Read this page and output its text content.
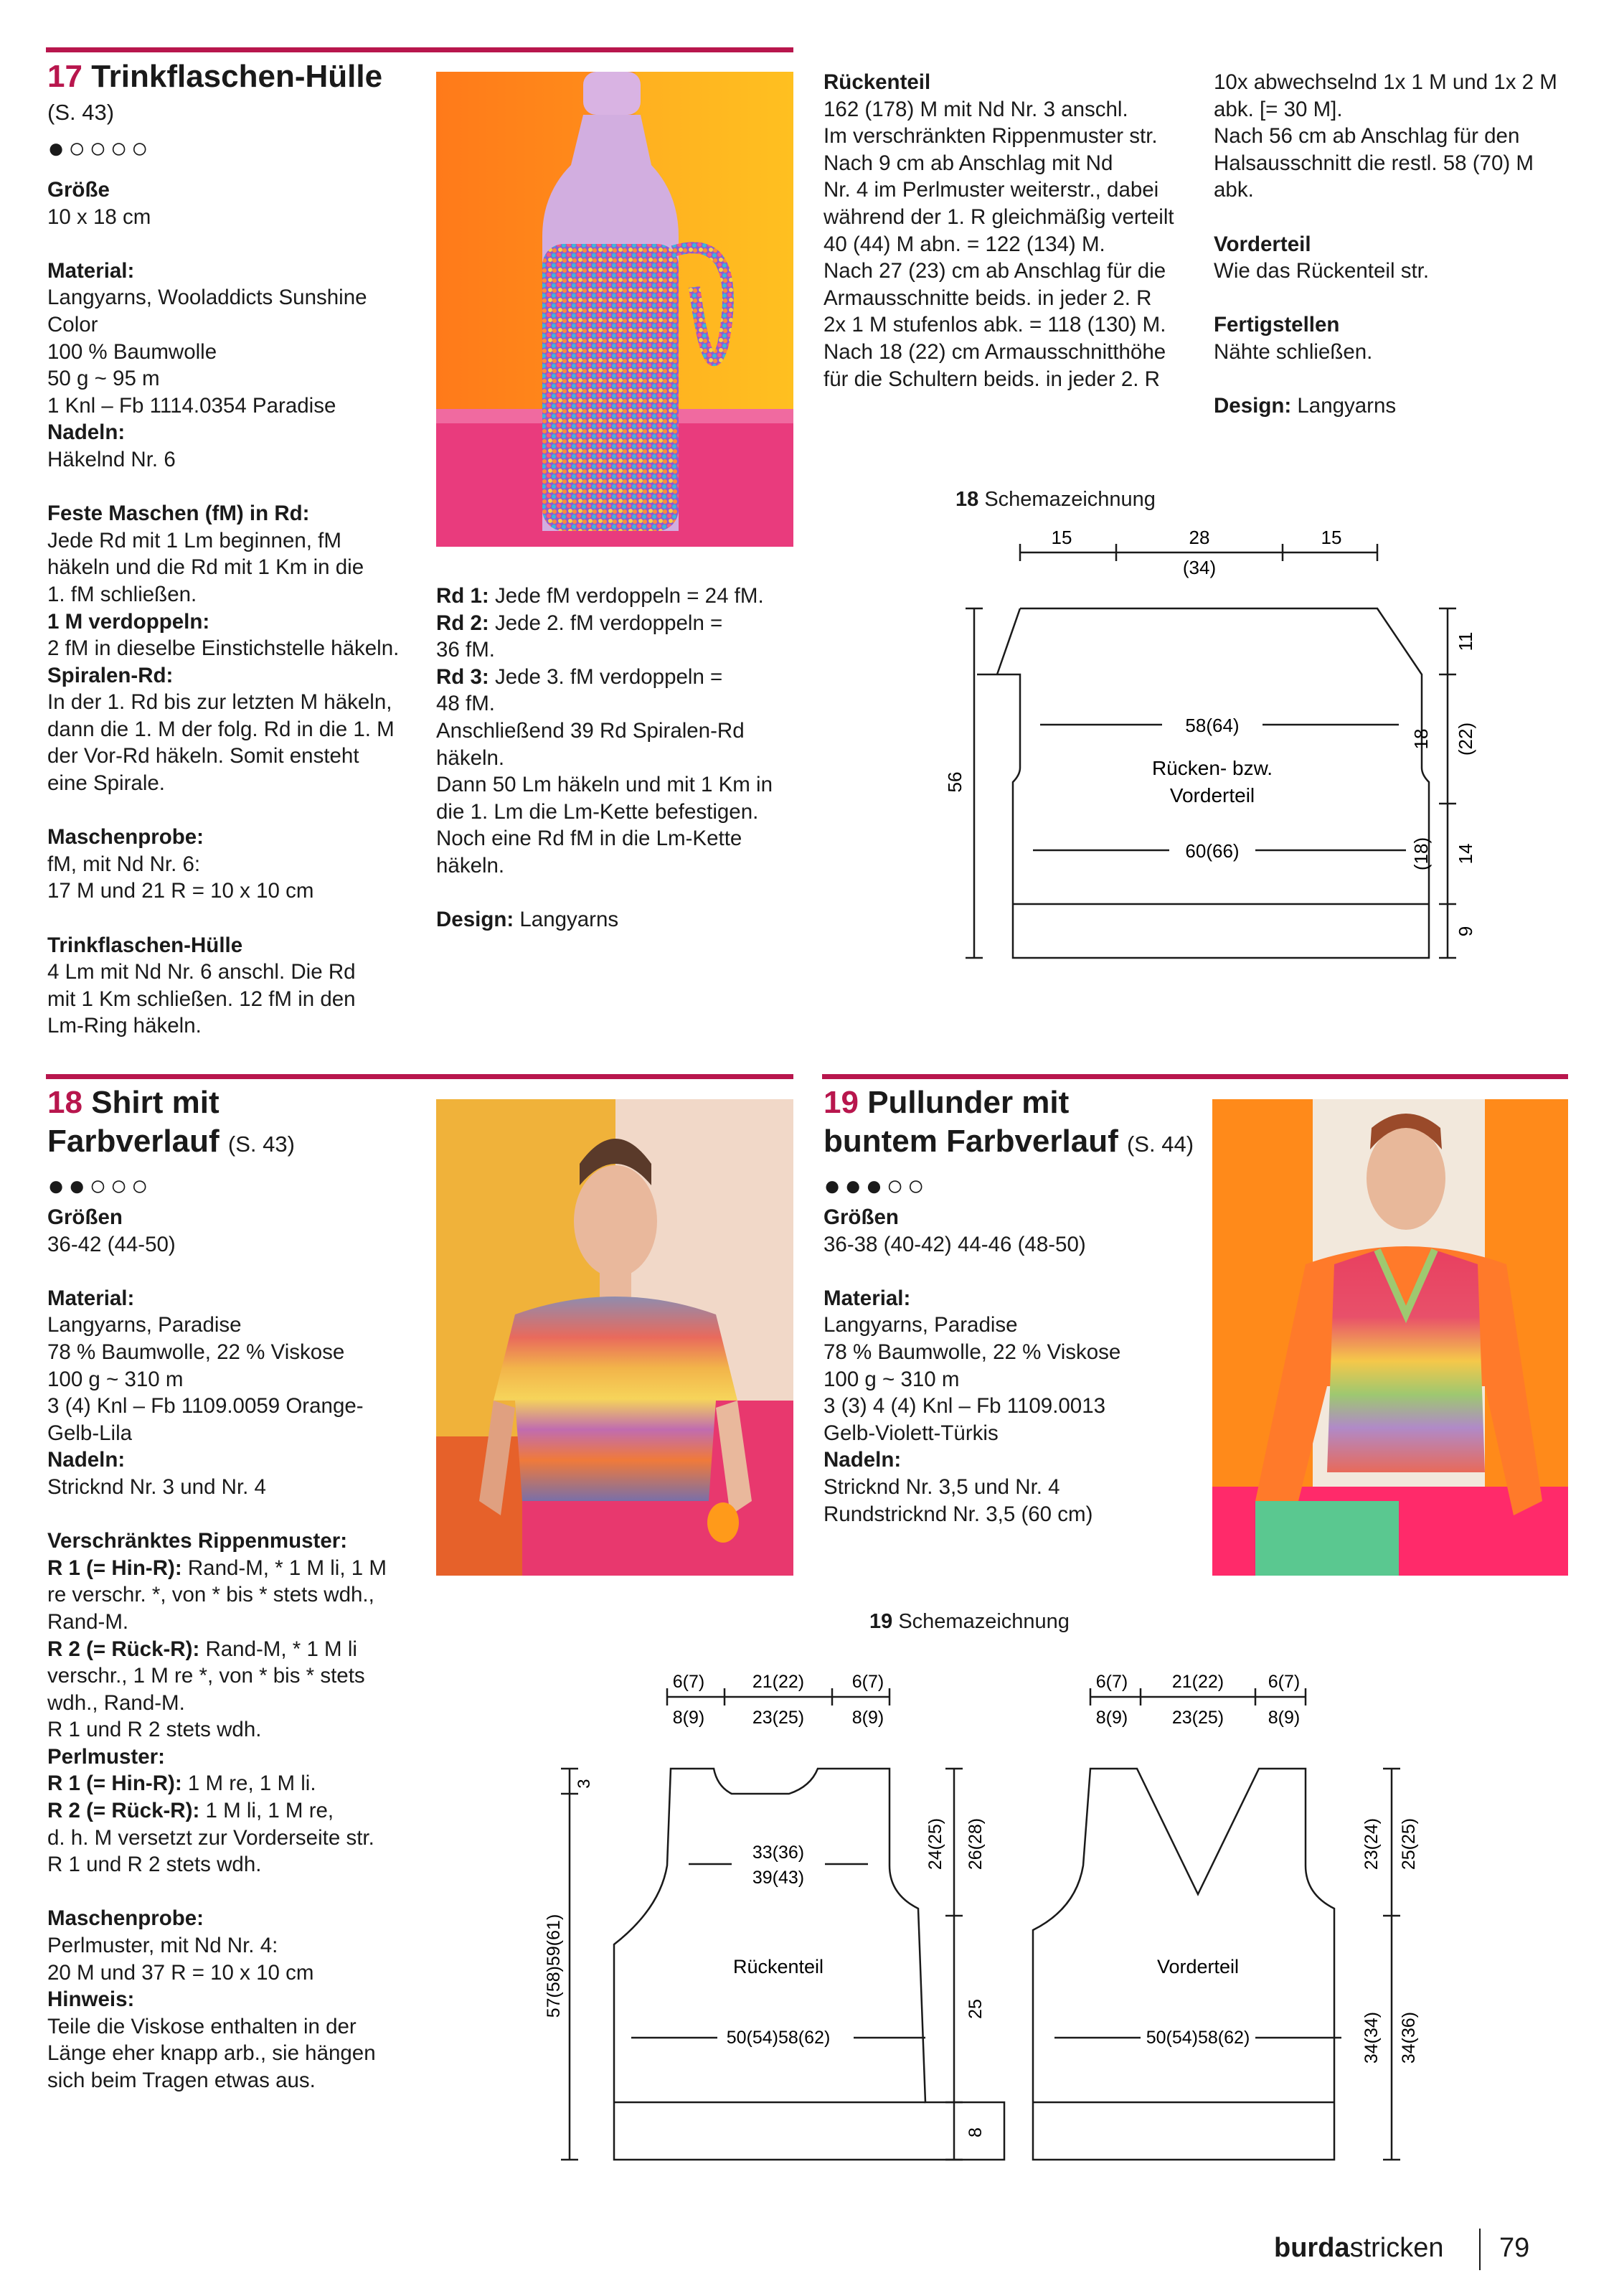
17 Trinkflaschen-Hülle
(S. 43)
●○○○○
Größe
10 x 18 cm

Material:
Langyarns, Wooladdicts Sunshine
Color
100 % Baumwolle
50 g ~ 95 m
1 Knl – Fb 1114.0354 Paradise
Nadeln:
Häkelnd Nr. 6

Feste Maschen (fM) in Rd:
Jede Rd mit 1 Lm beginnen, fM
häkeln und die Rd mit 1 Km in die
1. fM schließen.
1 M verdoppeln:
2 fM in dieselbe Einstichstelle häkeln.
Spiralen-Rd:
In der 1. Rd bis zur letzten M häkeln,
dann die 1. M der folg. Rd in die 1. M
der Vor-Rd häkeln. Somit ensteht
eine Spirale.

Maschenprobe:
fM, mit Nd Nr. 6:
17 M und 21 R = 10 x 10 cm

Trinkflaschen-Hülle
4 Lm mit Nd Nr. 6 anschl. Die Rd
mit 1 Km schließen. 12 fM in den
Lm-Ring häkeln.
Rd 1: Jede fM verdoppeln = 24 fM.
Rd 2: Jede 2. fM verdoppeln =
36 fM.
Rd 3: Jede 3. fM verdoppeln =
48 fM.
Anschließend 39 Rd Spiralen-Rd
häkeln.
Dann 50 Lm häkeln und mit 1 Km in
die 1. Lm die Lm-Kette befestigen.
Noch eine Rd fM in die Lm-Kette
häkeln.

Design: Langyarns
Rückenteil
162 (178) M mit Nd Nr. 3 anschl.
Im verschränkten Rippenmuster str.
Nach 9 cm ab Anschlag mit Nd
Nr. 4 im Perlmuster weiterstr., dabei
während der 1. R gleichmäßig verteilt
40 (44) M abn. = 122 (134) M.
Nach 27 (23) cm ab Anschlag für die
Armausschnitte beids. in jeder 2. R
2x 1 M stufenlos abk. = 118 (130) M.
Nach 18 (22) cm Armausschnitthöhe
für die Schultern beids. in jeder 2. R
10x abwechselnd 1x 1 M und 1x 2 M
abk. [= 30 M].
Nach 56 cm ab Anschlag für den
Halsausschnitt die restl. 58 (70) M
abk.

Vorderteil
Wie das Rückenteil str.

Fertigstellen
Nähte schließen.

Design: Langyarns
18 Schemazeichnung
15	28
(34)
15
56
58(64)
Rücken- bzw.
Vorderteil
60(66)
11
18 (22)
(18) 14
9
18 Shirt mit
Farbverlauf (S. 43)
●●○○○
Größen
36-42 (44-50)

Material:
Langyarns, Paradise
78 % Baumwolle, 22 % Viskose
100 g ~ 310 m
3 (4) Knl – Fb 1109.0059 Orange-
Gelb-Lila
Nadeln:
Stricknd Nr. 3 und Nr. 4

Verschränktes Rippenmuster:
R 1 (= Hin-R): Rand-M, * 1 M li, 1 M
re verschr. *, von * bis * stets wdh.,
Rand-M.
R 2 (= Rück-R): Rand-M, * 1 M li
verschr., 1 M re *, von * bis * stets
wdh., Rand-M.
R 1 und R 2 stets wdh.
Perlmuster:
R 1 (= Hin-R): 1 M re, 1 M li.
R 2 (= Rück-R): 1 M li, 1 M re,
d. h. M versetzt zur Vorderseite str.
R 1 und R 2 stets wdh.

Maschenprobe:
Perlmuster, mit Nd Nr. 4:
20 M und 37 R = 10 x 10 cm
Hinweis:
Teile die Viskose enthalten in der
Länge eher knapp arb., sie hängen
sich beim Tragen etwas aus.
19 Pullunder mit
buntem Farbverlauf (S. 44)
●●●○○
Größen
36-38 (40-42) 44-46 (48-50)

Material:
Langyarns, Paradise
78 % Baumwolle, 22 % Viskose
100 g ~ 310 m
3 (3) 4 (4) Knl – Fb 1109.0013
Gelb-Violett-Türkis
Nadeln:
Stricknd Nr. 3,5 und Nr. 4
Rundstricknd Nr. 3,5 (60 cm)
19 Schemazeichnung
6(7)	21(22)	6(7)
8(9)	23(25)	8(9)
3
57(58)59(61)
33(36)
39(43)
Rückenteil
50(54)58(62)
24(25) 26(28)
25
8
6(7) 21(22) 6(7)
8(9) 23(25) 8(9)
Vorderteil
50(54)58(62)
23(24) 25(25)
34(34) 34(36)
burdastricken 79
